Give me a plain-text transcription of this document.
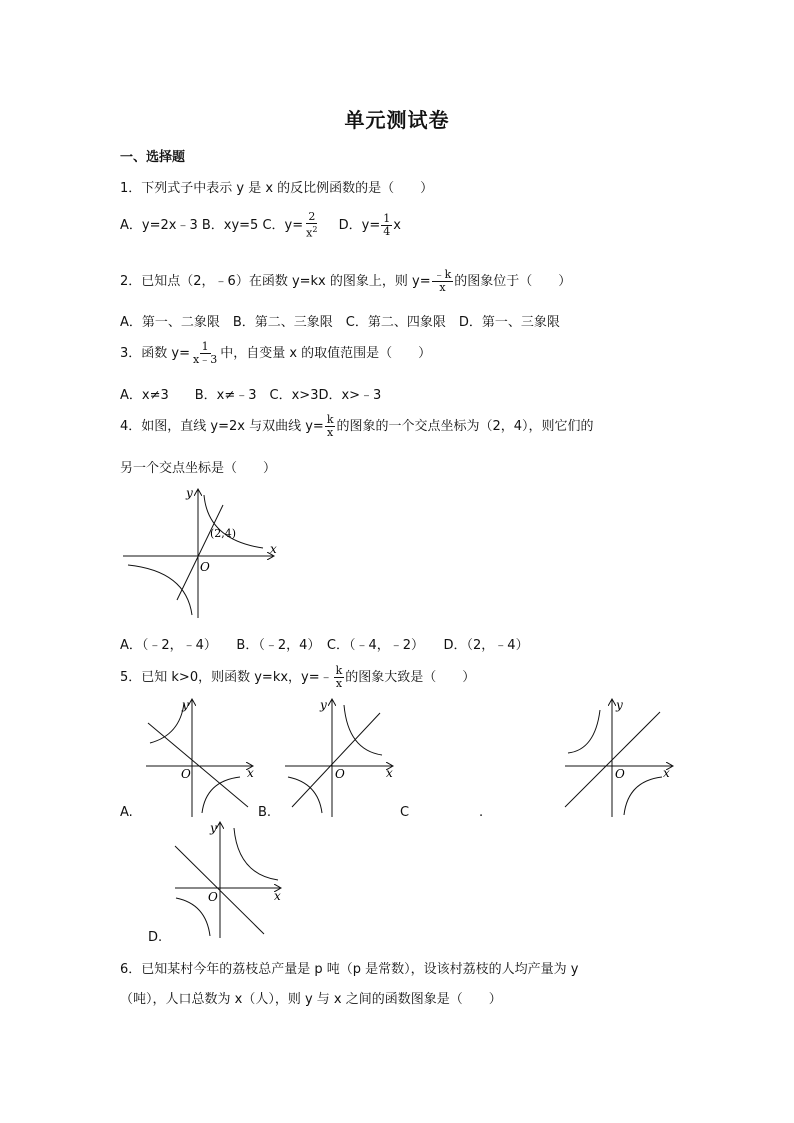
单元测试卷
一、选择题
1．下列式子中表示 y 是 x 的反比例函数的是（　　）
A．y=2x﹣3 B．xy=5 C．$y= \frac{2}{x^2}$ D．$y= \frac{1}{4}$ x
2．已知点（2，﹣6）在函数 y=kx 的图象上，则 $y= \frac{﹣k}{x}$ 的图象位于（　　）
A．第一、二象限　B．第二、三象限　C．第二、四象限　D．第一、三象限
3．函数 $y= \frac{1}{x﹣3}$ 中，自变量 x 的取值范围是（　　）
A．x≠3　　B．x≠﹣3　C．x>3D．x>﹣3
4．如图，直线 y=2x 与双曲线 $y= \frac{k}{x}$ 的图象的一个交点坐标为（2，4），则它们的
另一个交点坐标是（　　）
y
x
O
(2,4)
A．（﹣2，﹣4）　　B．（﹣2，4）　C．（﹣4，﹣2）　　D．（2，﹣4）
5．已知 k>0，则函数 y=kx，y=﹣ $\frac{k}{x}$ 的图象大致是（　　）
y
x
O
y
x
O
y
x
O
A.	B.	C	.
y
x
O
D.
6．已知某村今年的荔枝总产量是 p 吨（p 是常数），设该村荔枝的人均产量为 y
（吨），人口总数为 x（人），则 y 与 x 之间的函数图象是（　　）
